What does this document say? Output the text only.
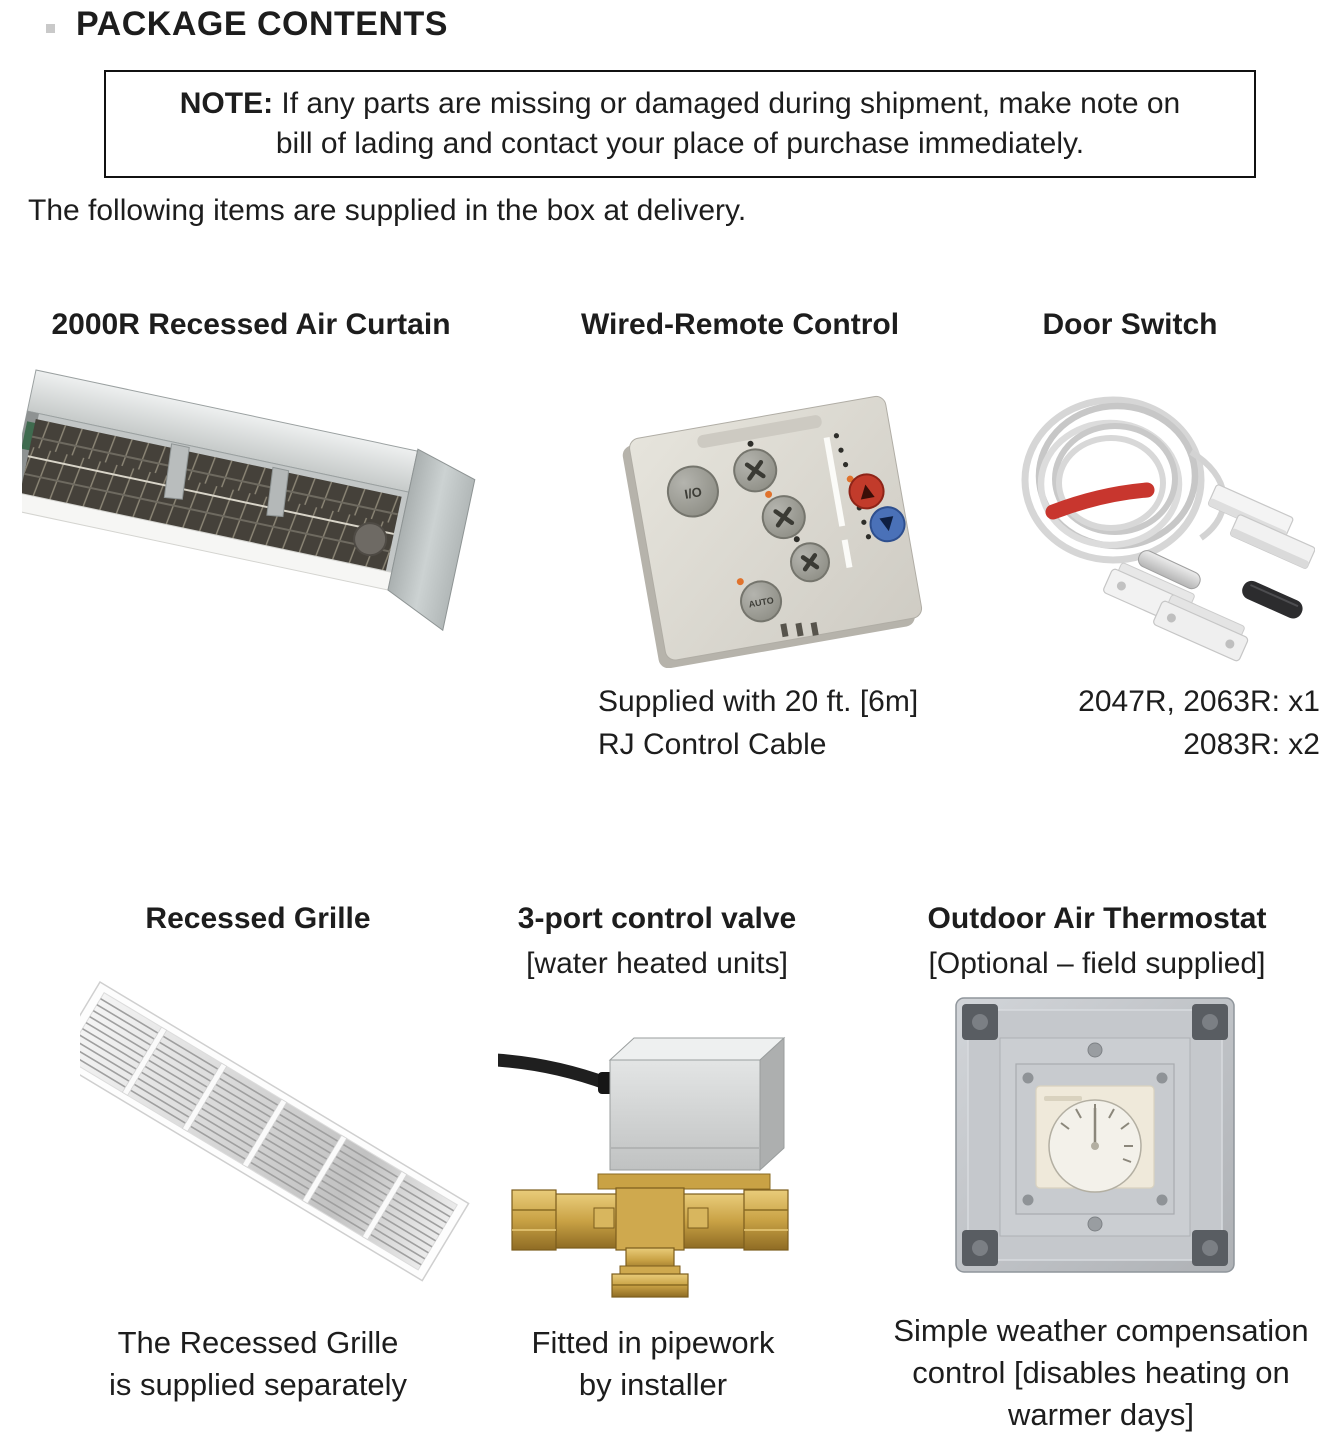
PACKAGE CONTENTS
NOTE: If any parts are missing or damaged during shipment, make note on
bill of lading and contact your place of purchase immediately.
The following items are supplied in the box at delivery.
2000R Recessed Air Curtain	Wired-Remote Control	Door Switch
I/O
AUTO
Supplied with 20 ft. [6m]
RJ Control Cable
2047R, 2063R: x1
2083R: x2
Recessed Grille	3-port control valve
[water heated units]
Outdoor Air Thermostat
[Optional – field supplied]
The Recessed Grille
is supplied separately
Fitted in pipework
by installer
Simple weather compensation control [disables heating on warmer days]
